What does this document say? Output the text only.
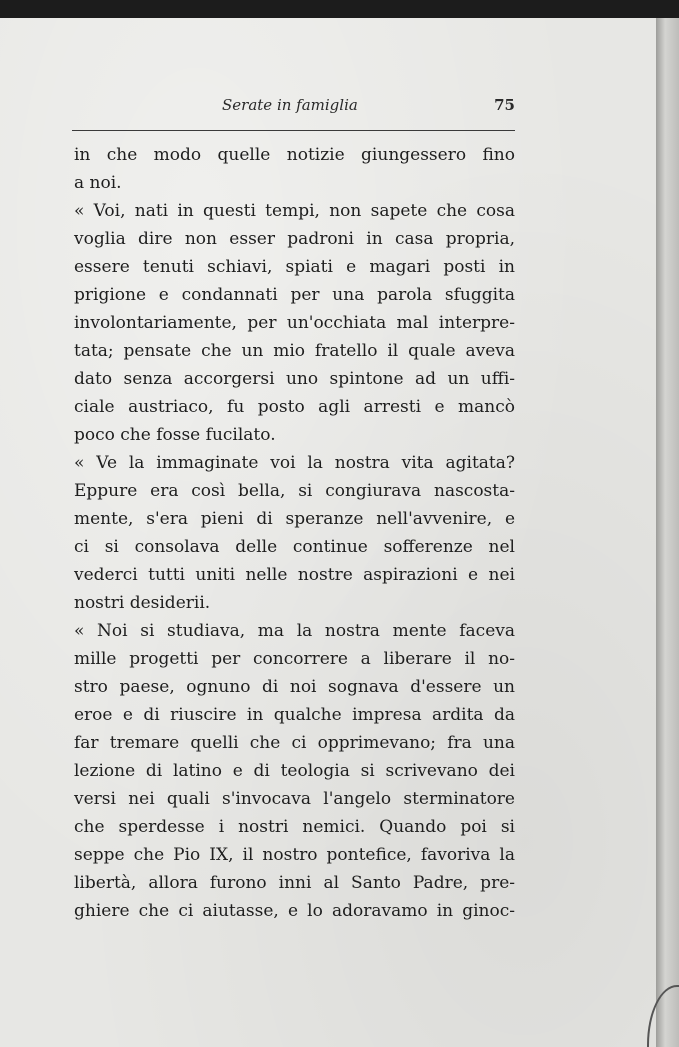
Serate in famiglia	75
in che modo quelle notizie giungessero fino
a noi.
« Voi, nati in questi tempi, non sapete che cosa
voglia dire non esser padroni in casa propria,
essere tenuti schiavi, spiati e magari posti in
prigione e condannati per una parola sfuggita
involontariamente, per un'occhiata mal interpre-
tata; pensate che un mio fratello il quale aveva
dato senza accorgersi uno spintone ad un uffi-
ciale austriaco, fu posto agli arresti e mancò
poco che fosse fucilato.
« Ve la immaginate voi la nostra vita agitata?
Eppure era così bella, si congiurava nascosta-
mente, s'era pieni di speranze nell'avvenire, e
ci si consolava delle continue sofferenze nel
vederci tutti uniti nelle nostre aspirazioni e nei
nostri desiderii.
« Noi si studiava, ma la nostra mente faceva
mille progetti per concorrere a liberare il no-
stro paese, ognuno di noi sognava d'essere un
eroe e di riuscire in qualche impresa ardita da
far tremare quelli che ci opprimevano; fra una
lezione di latino e di teologia si scrivevano dei
versi nei quali s'invocava l'angelo sterminatore
che sperdesse i nostri nemici. Quando poi si
seppe che Pio IX, il nostro pontefice, favoriva la
libertà, allora furono inni al Santo Padre, pre-
ghiere che ci aiutasse, e lo adoravamo in ginoc-
